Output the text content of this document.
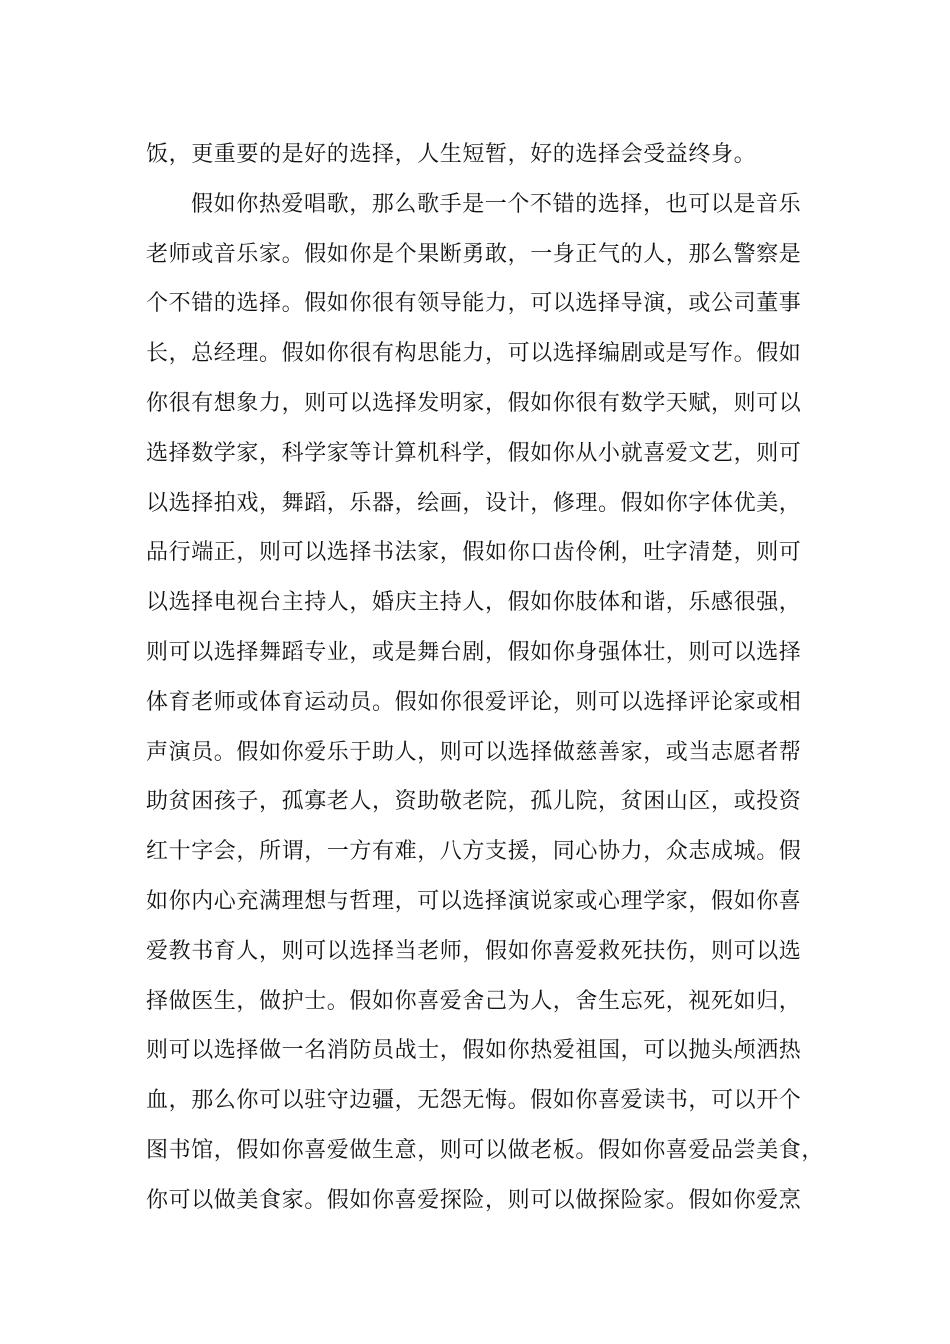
饭，更重要的是好的选择，人生短暂，好的选择会受益终身。
假如你热爱唱歌，那么歌手是一个不错的选择，也可以是音乐
老师或音乐家。假如你是个果断勇敢，一身正气的人，那么警察是
个不错的选择。假如你很有领导能力，可以选择导演，或公司董事
长，总经理。假如你很有构思能力，可以选择编剧或是写作。假如
你很有想象力，则可以选择发明家，假如你很有数学天赋，则可以
选择数学家，科学家等计算机科学，假如你从小就喜爱文艺，则可
以选择拍戏，舞蹈，乐器，绘画，设计，修理。假如你字体优美，
品行端正，则可以选择书法家，假如你口齿伶俐，吐字清楚，则可
以选择电视台主持人，婚庆主持人，假如你肢体和谐，乐感很强，
则可以选择舞蹈专业，或是舞台剧，假如你身强体壮，则可以选择
体育老师或体育运动员。假如你很爱评论，则可以选择评论家或相
声演员。假如你爱乐于助人，则可以选择做慈善家，或当志愿者帮
助贫困孩子，孤寡老人，资助敬老院，孤儿院，贫困山区，或投资
红十字会，所谓，一方有难，八方支援，同心协力，众志成城。假
如你内心充满理想与哲理，可以选择演说家或心理学家，假如你喜
爱教书育人，则可以选择当老师，假如你喜爱救死扶伤，则可以选
择做医生，做护士。假如你喜爱舍己为人，舍生忘死，视死如归，
则可以选择做一名消防员战士，假如你热爱祖国，可以抛头颅洒热
血，那么你可以驻守边疆，无怨无悔。假如你喜爱读书，可以开个
图书馆，假如你喜爱做生意，则可以做老板。假如你喜爱品尝美食，
你可以做美食家。假如你喜爱探险，则可以做探险家。假如你爱烹
